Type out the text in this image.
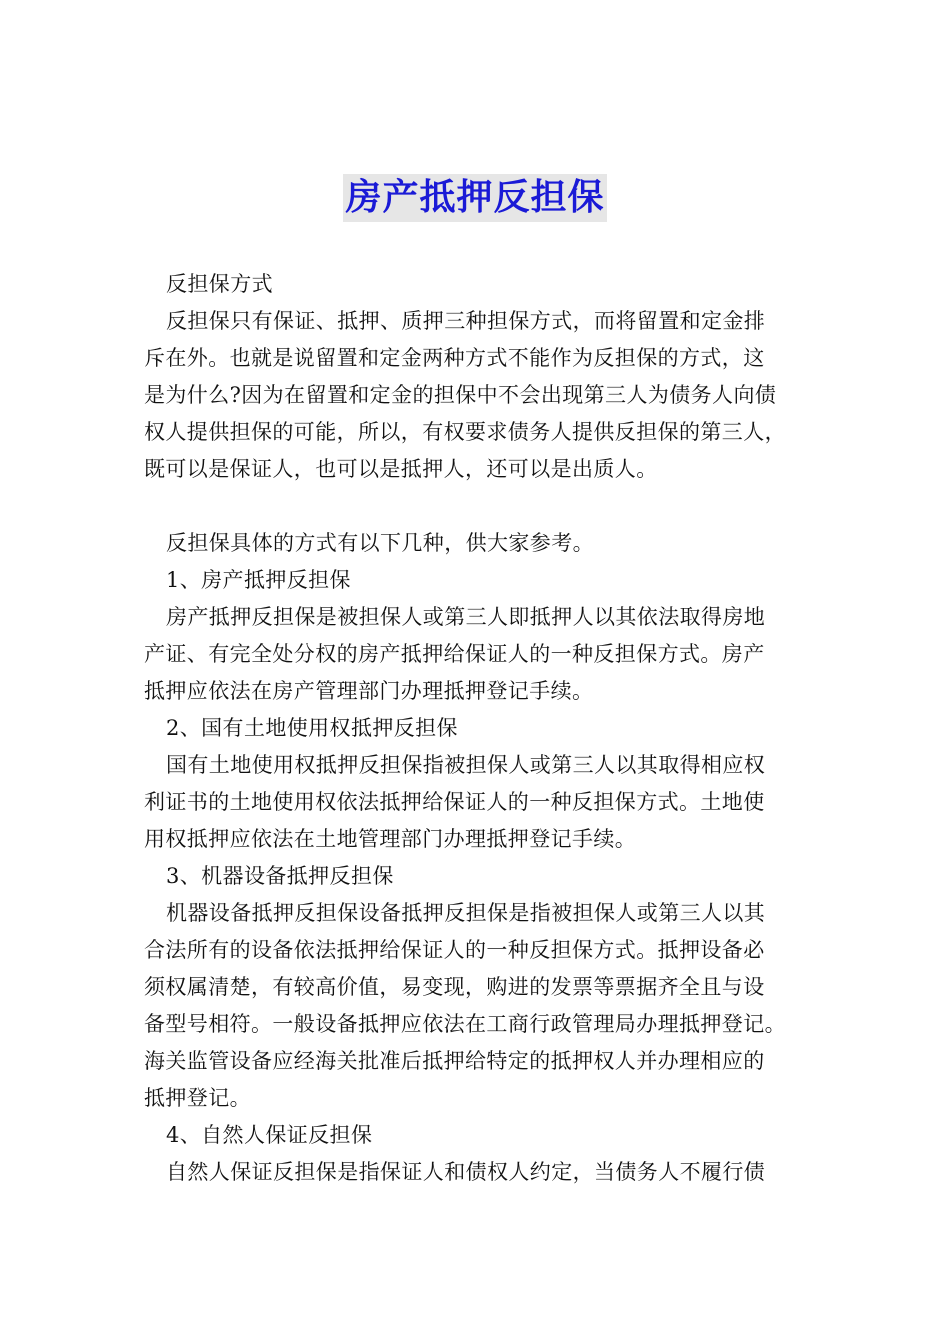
房产抵押反担保
反担保方式
反担保只有保证、抵押、质押三种担保方式，而将留置和定金排
斥在外。也就是说留置和定金两种方式不能作为反担保的方式，这
是为什么?因为在留置和定金的担保中不会出现第三人为债务人向债
权人提供担保的可能，所以，有权要求债务人提供反担保的第三人，
既可以是保证人，也可以是抵押人，还可以是出质人。
反担保具体的方式有以下几种，供大家参考。
1、房产抵押反担保
房产抵押反担保是被担保人或第三人即抵押人以其依法取得房地
产证、有完全处分权的房产抵押给保证人的一种反担保方式。房产
抵押应依法在房产管理部门办理抵押登记手续。
2、国有土地使用权抵押反担保
国有土地使用权抵押反担保指被担保人或第三人以其取得相应权
利证书的土地使用权依法抵押给保证人的一种反担保方式。土地使
用权抵押应依法在土地管理部门办理抵押登记手续。
3、机器设备抵押反担保
机器设备抵押反担保设备抵押反担保是指被担保人或第三人以其
合法所有的设备依法抵押给保证人的一种反担保方式。抵押设备必
须权属清楚，有较高价值，易变现，购进的发票等票据齐全且与设
备型号相符。一般设备抵押应依法在工商行政管理局办理抵押登记。
海关监管设备应经海关批准后抵押给特定的抵押权人并办理相应的
抵押登记。
4、自然人保证反担保
自然人保证反担保是指保证人和债权人约定，当债务人不履行债
